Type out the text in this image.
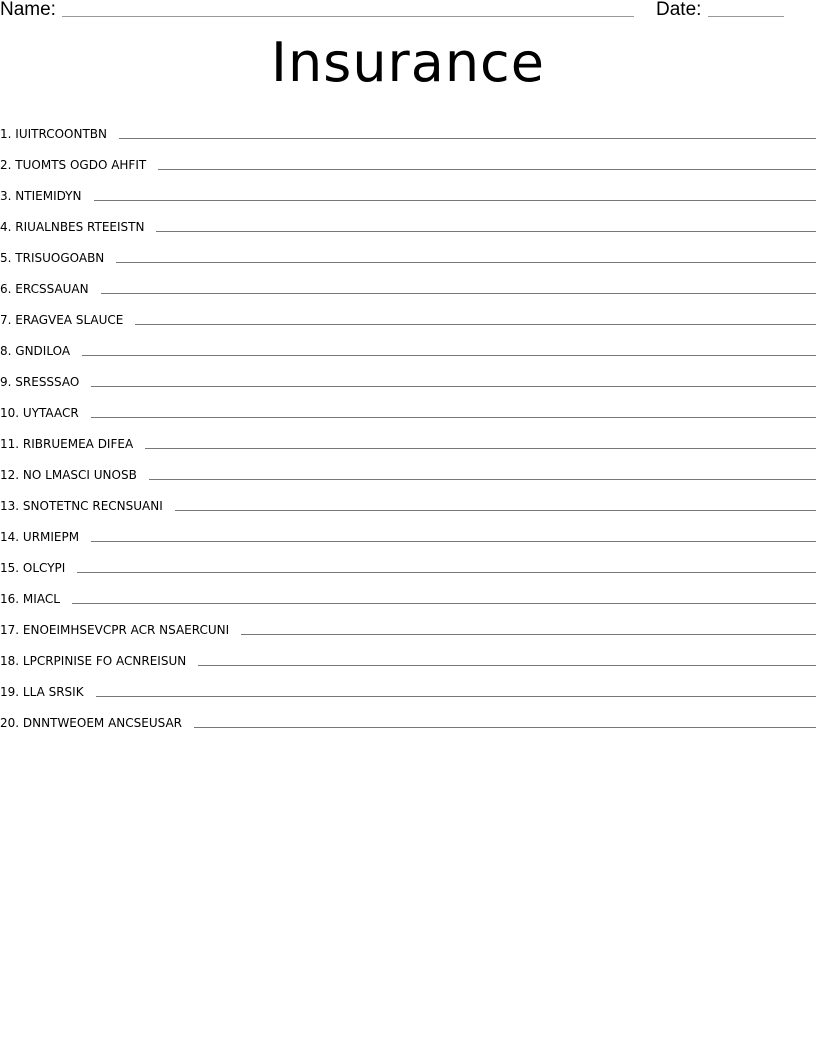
Name:	Date:
Insurance
1.
IUITRCOONTBN
2.
TUOMTS OGDO AHFIT
3.
NTIEMIDYN
4.
RIUALNBES RTEEISTN
5.
TRISUOGOABN
6.
ERCSSAUAN
7.
ERAGVEA SLAUCE
8.
GNDILOA
9.
SRESSSAO
10.
UYTAACR
11.
RIBRUEMEA DIFEA
12.
NO LMASCI UNOSB
13.
SNOTETNC RECNSUANI
14.
URMIEPM
15.
OLCYPI
16.
MIACL
17.
ENOEIMHSEVCPR ACR NSAERCUNI
18.
LPCRPINISE FO ACNREISUN
19.
LLA SRSIK
20.
DNNTWEOEM ANCSEUSAR
